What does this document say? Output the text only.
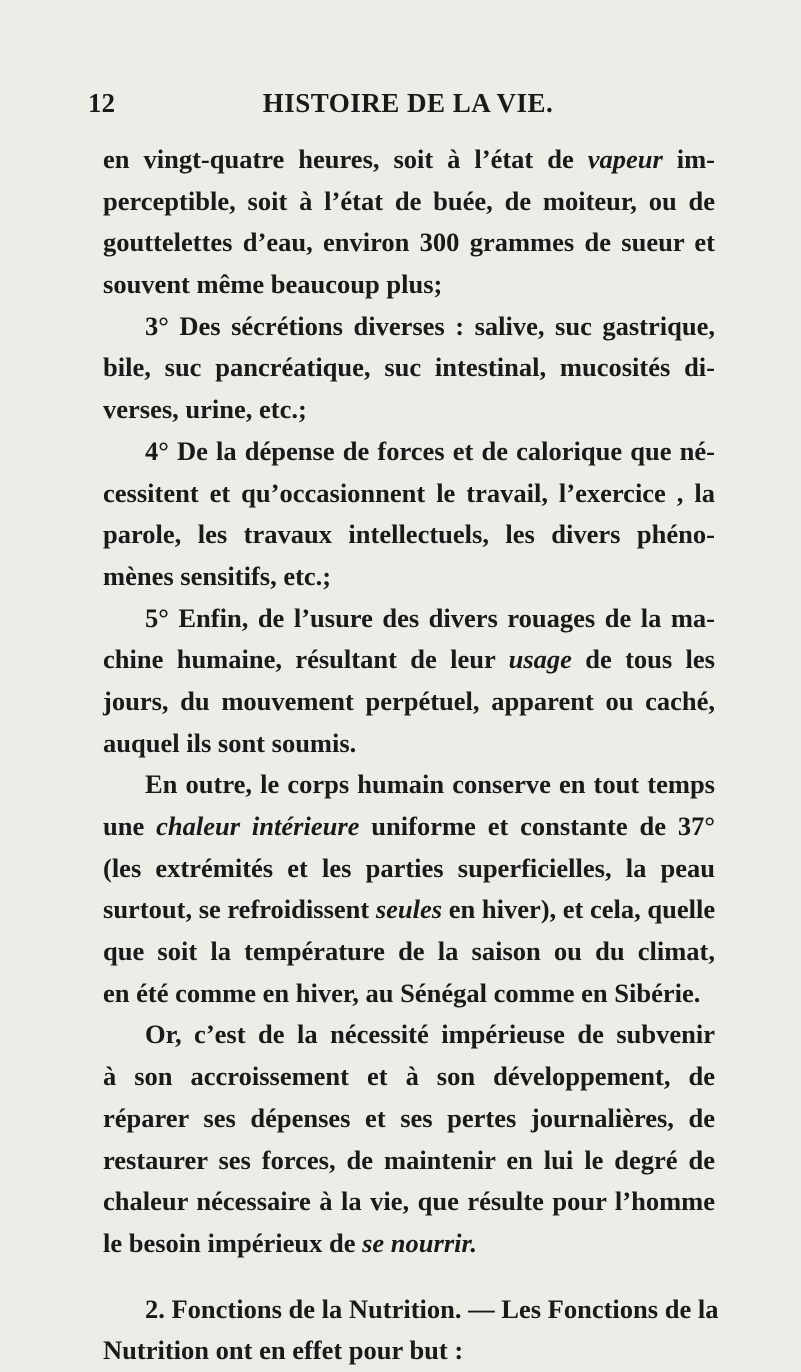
12	HISTOIRE DE LA VIE.
en vingt-quatre heures, soit à l’état de vapeur im-
perceptible, soit à l’état de buée, de moiteur, ou de
gouttelettes d’eau, environ 300 grammes de sueur et
souvent même beaucoup plus;
3° Des sécrétions diverses : salive, suc gastrique,
bile, suc pancréatique, suc intestinal, mucosités di-
verses, urine, etc.;
4° De la dépense de forces et de calorique que né-
cessitent et qu’occasionnent le travail, l’exercice , la
parole, les travaux intellectuels, les divers phéno-
mènes sensitifs, etc.;
5° Enfin, de l’usure des divers rouages de la ma-
chine humaine, résultant de leur usage de tous les
jours, du mouvement perpétuel, apparent ou caché,
auquel ils sont soumis.
En outre, le corps humain conserve en tout temps
une chaleur intérieure uniforme et constante de 37°
(les extrémités et les parties superficielles, la peau
surtout, se refroidissent seules en hiver), et cela, quelle
que soit la température de la saison ou du climat,
en été comme en hiver, au Sénégal comme en Sibérie.
Or, c’est de la nécessité impérieuse de subvenir
à son accroissement et à son développement, de
réparer ses dépenses et ses pertes journalières, de
restaurer ses forces, de maintenir en lui le degré de
chaleur nécessaire à la vie, que résulte pour l’homme
le besoin impérieux de se nourrir.
2. Fonctions de la Nutrition. — Les Fonctions de la
Nutrition ont en effet pour but :
